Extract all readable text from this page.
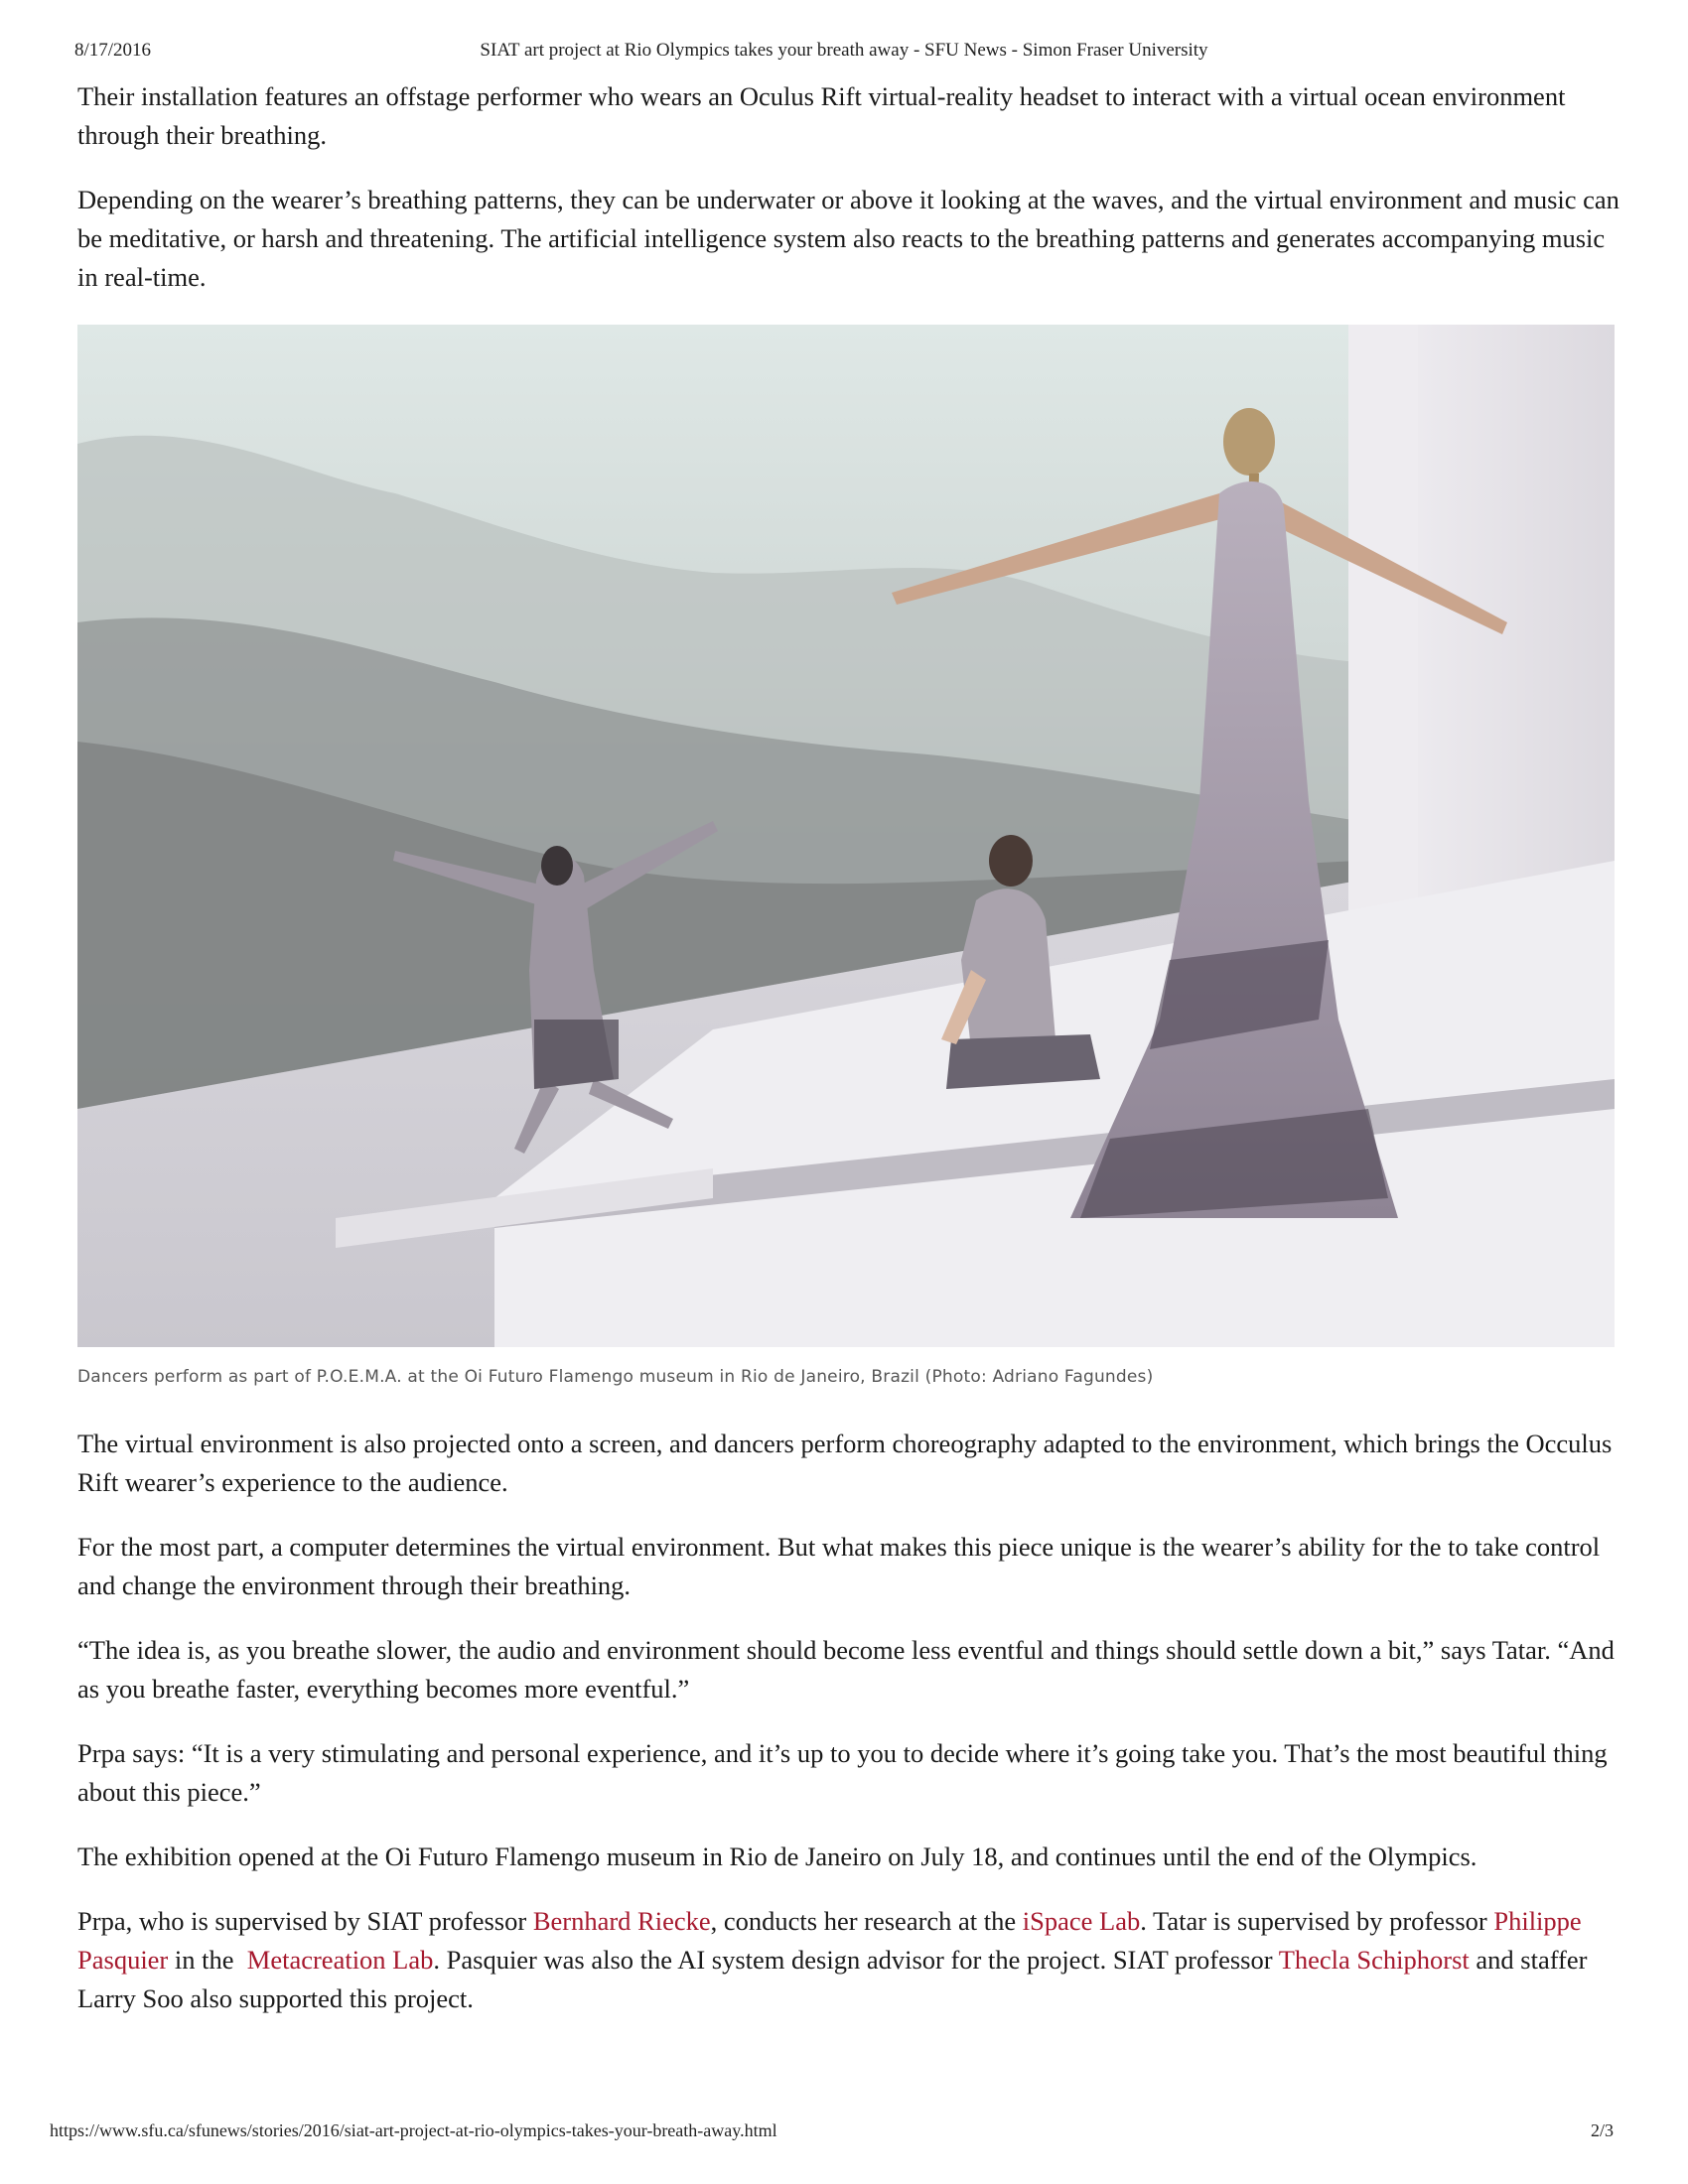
8/17/2016	SIAT art project at Rio Olympics takes your breath away - SFU News - Simon Fraser University

Their installation features an offstage performer who wears an Oculus Rift virtual-reality headset to interact with a virtual ocean environment through their breathing.

Depending on the wearer’s breathing patterns, they can be underwater or above it looking at the waves, and the virtual environment and music can be meditative, or harsh and threatening. The artificial intelligence system also reacts to the breathing patterns and generates accompanying music in real-time.

Dancers perform as part of P.O.E.M.A. at the Oi Futuro Flamengo museum in Rio de Janeiro, Brazil (Photo: Adriano Fagundes)

The virtual environment is also projected onto a screen, and dancers perform choreography adapted to the environment, which brings the Occulus Rift wearer’s experience to the audience.

For the most part, a computer determines the virtual environment. But what makes this piece unique is the wearer’s ability for the to take control and change the environment through their breathing.

“The idea is, as you breathe slower, the audio and environment should become less eventful and things should settle down a bit,” says Tatar. “And as you breathe faster, everything becomes more eventful.”

Prpa says: “It is a very stimulating and personal experience, and it’s up to you to decide where it’s going take you. That’s the most beautiful thing about this piece.”

The exhibition opened at the Oi Futuro Flamengo museum in Rio de Janeiro on July 18, and continues until the end of the Olympics.

Prpa, who is supervised by SIAT professor Bernhard Riecke, conducts her research at the iSpace Lab. Tatar is supervised by professor Philippe Pasquier in the  Metacreation Lab. Pasquier was also the AI system design advisor for the project. SIAT professor Thecla Schiphorst and staffer Larry Soo also supported this project.

https://www.sfu.ca/sfunews/stories/2016/siat-art-project-at-rio-olympics-takes-your-breath-away.html	2/3
